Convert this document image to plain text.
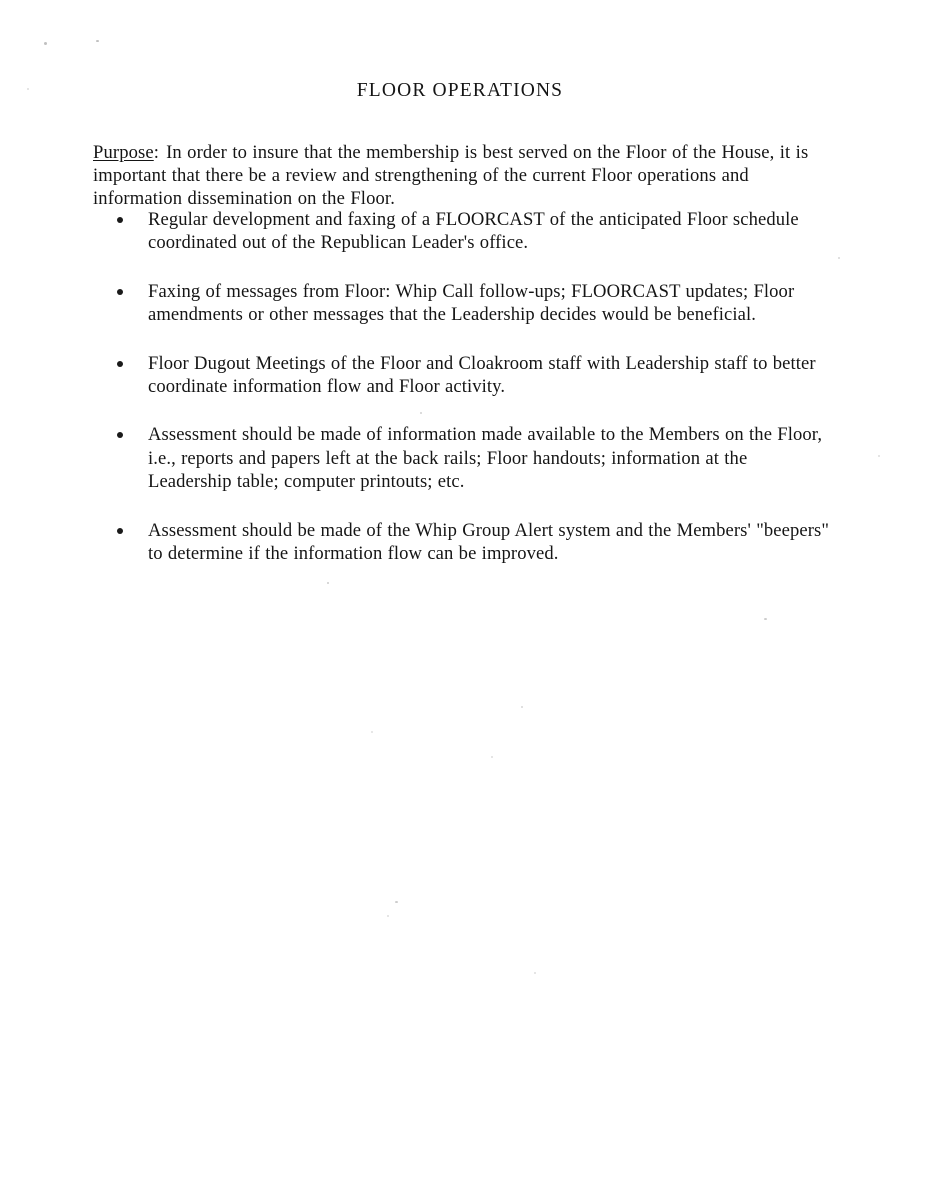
FLOOR OPERATIONS

Purpose: In order to insure that the membership is best served on the Floor of the House, it is important that there be a review and strengthening of the current Floor operations and information dissemination on the Floor.

Regular development and faxing of a FLOORCAST of the anticipated Floor schedule coordinated out of the Republican Leader's office.
Faxing of messages from Floor: Whip Call follow-ups; FLOORCAST updates; Floor amendments or other messages that the Leadership decides would be beneficial.
Floor Dugout Meetings of the Floor and Cloakroom staff with Leadership staff to better coordinate information flow and Floor activity.
Assessment should be made of information made available to the Members on the Floor, i.e., reports and papers left at the back rails; Floor handouts; information at the Leadership table; computer printouts; etc.
Assessment should be made of the Whip Group Alert system and the Members' "beepers" to determine if the information flow can be improved.
